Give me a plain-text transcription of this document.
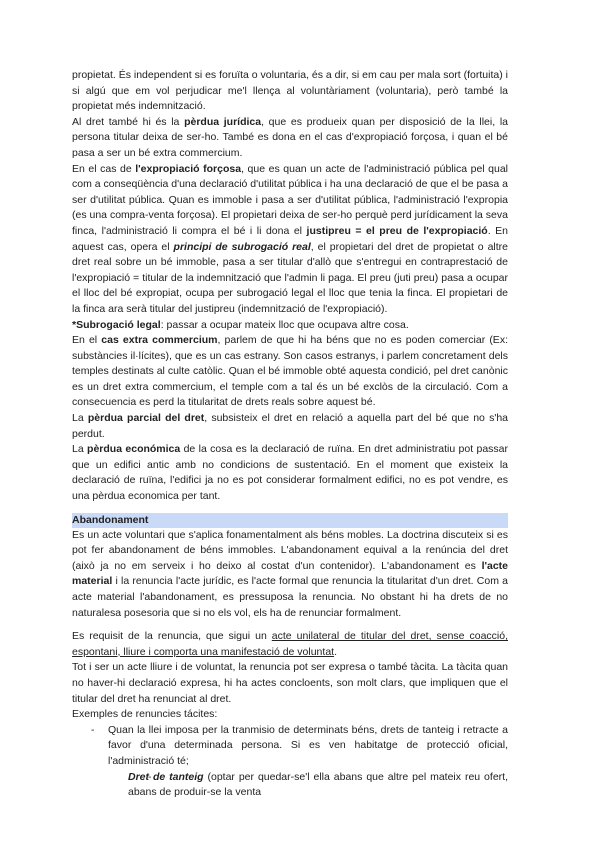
propietat. És independent si es foruïta o voluntaria, és a dir, si em cau per mala sort (fortuita) i si algú que em vol perjudicar me'l llença al voluntàriament (voluntaria), però també la propietat més indemnització.

Al dret també hi és la pèrdua jurídica, que es produeix quan per disposició de la llei, la persona titular deixa de ser-ho. També es dona en el cas d'expropiació forçosa, i quan el bé pasa a ser un bé extra commercium.

En el cas de l'expropiació forçosa, que es quan un acte de l'administració pública pel qual com a conseqüència d'una declaració d'utilitat pública i ha una declaració de que el be pasa a ser d'utilitat pública. Quan es immoble i pasa a ser d'utilitat pública, l'administració l'expropia (es una compra-venta forçosa). El propietari deixa de ser-ho perquè perd jurídicament la seva finca, l'administració li compra el bé i li dona el justipreu = el preu de l'expropiació. En aquest cas, opera el principi de subrogació real, el propietari del dret de propietat o altre dret real sobre un bé immoble, pasa a ser titular d'allò que s'entregui en contraprestació de l'expropiació = titular de la indemnització que l'admin li paga. El preu (juti preu) pasa a ocupar el lloc del bé expropiat, ocupa per subrogació legal el lloc que tenia la finca. El propietari de la finca ara serà titular del justipreu (indemnització de l'expropiació).

*Subrogació legal: passar a ocupar mateix lloc que ocupava altre cosa.

En el cas extra commercium, parlem de que hi ha béns que no es poden comerciar (Ex: substàncies il·lícites), que es un cas estrany. Son casos estranys, i parlem concretament dels temples destinats al culte catòlic. Quan el bé immoble obté aquesta condició, pel dret canònic es un dret extra commercium, el temple com a tal és un bé exclòs de la circulació. Com a consecuencia es perd la titularitat de drets reals sobre aquest bé.

La pèrdua parcial del dret, subsisteix el dret en relació a aquella part del bé que no s'ha perdut.

La pèrdua económica de la cosa es la declaració de ruïna. En dret administratiu pot passar que un edifici antic amb no condicions de sustentació. En el moment que existeix la declaració de ruïna, l'edifici ja no es pot considerar formalment edifici, no es pot vendre, es una pèrdua economica per tant.

Abandonament

Es un acte voluntari que s'aplica fonamentalment als béns mobles. La doctrina discuteix si es pot fer abandonament de béns immobles. L'abandonament equival a la renúncia del dret (això ja no em serveix i ho deixo al costat d'un contenidor). L'abandonament es l'acte material i la renuncia l'acte jurídic, es l'acte formal que renuncia la titularitat d'un dret. Com a acte material l'abandonament, es pressuposa la renuncia. No obstant hi ha drets de no naturalesa posesoria que si no els vol, els ha de renunciar formalment.

Es requisit de la renuncia, que sigui un acte unilateral de titular del dret, sense coacció, espontani, lliure i comporta una manifestació de voluntat.

Tot i ser un acte lliure i de voluntat, la renuncia pot ser expresa o també tàcita. La tàcita quan no haver-hi declaració expresa, hi ha actes concloents, son molt clars, que impliquen que el titular del dret ha renunciat al dret.

Exemples de renuncies tácites:

- Quan la llei imposa per la tranmisio de determinats béns, drets de tanteig i retracte a favor d'una determinada persona. Si es ven habitatge de protecció oficial, l'administració té;
- Dret de tanteig (optar per quedar-se'l ella abans que altre pel mateix reu ofert, abans de produir-se la venta
